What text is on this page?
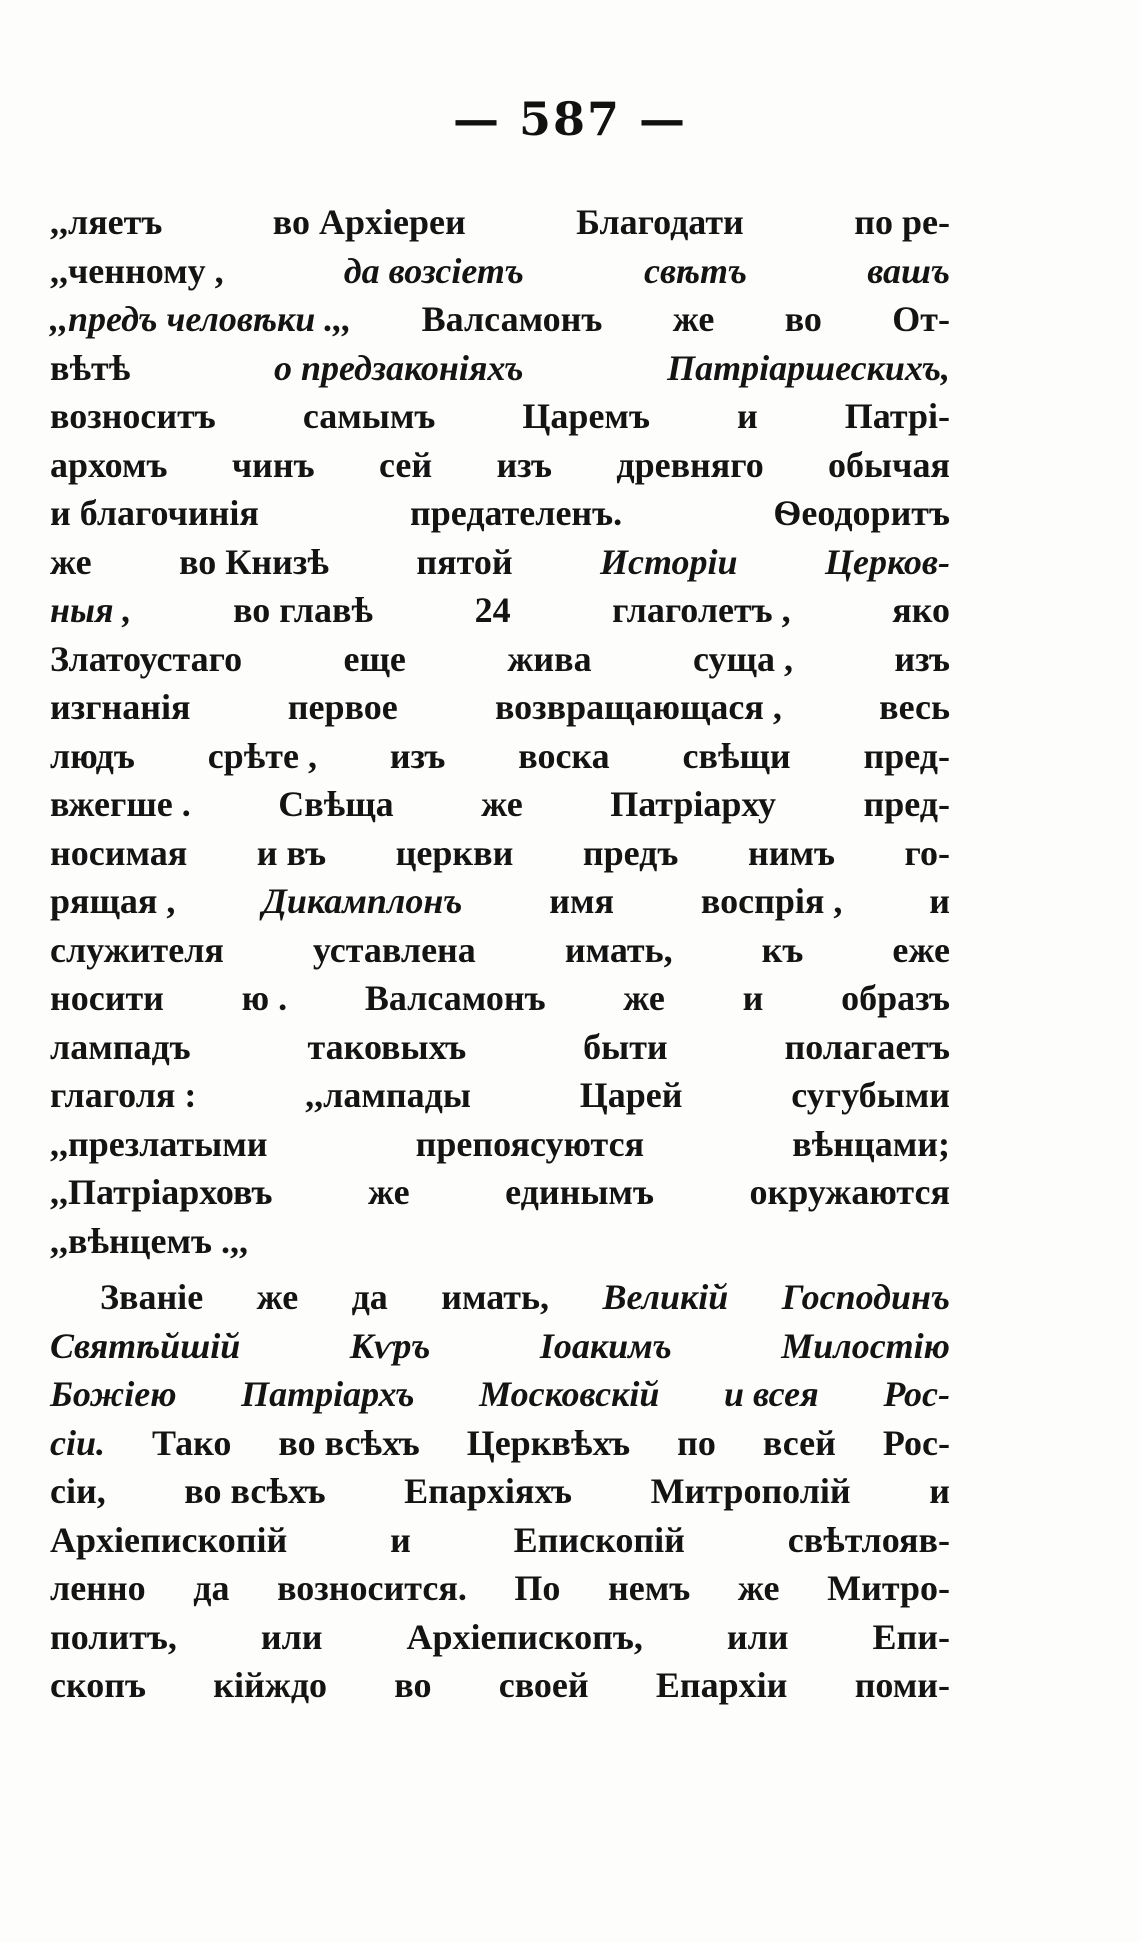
— 587 —
,,ляетъ	во Архіереи	Благодати	по ре-
,,ченному ,	да возсіетъ	свѣтъ	вашъ
,,предъ человѣки .,, Валсамонъ же во От-
вѣтѣ	о предзаконіяхъ	Патріаршескихъ,
возноситъ самымъ Царемъ и Патрі-
архомъ чинъ сей изъ древняго обычая
и благочинія	предателенъ.	Ѳеодоритъ
же во Книзѣ пятой Исторіи Церков-
ныя ,	во главѣ	24	глаголетъ ,	яко
Златоустаго	еще	жива	суща ,	изъ
изгнанія	первое	возвращающася ,	весь
людъ срѣте , изъ воска свѣщи пред-
вжегше . Свѣща же Патріарху пред-
носимая и въ церкви предъ нимъ го-
рящая , Дикамплонъ имя воспрія , и
служителя уставлена имать, къ еже
носити ю . Валсамонъ же и образъ
лампадъ	таковыхъ	быти	полагаетъ
глаголя :	,,лампады	Царей	сугубыми
,,презлатыми	препоясуются	вѣнцами;
,,Патріарховъ	же	единымъ	окружаются
,,вѣнцемъ .,,
Званіе же да имать, Великій Господинъ
Святѣйшій	Кѵръ	Іоакимъ	Милостію
Божіею Патріархъ Московскій и всея Рос-
сіи. Тако во всѣхъ Церквѣхъ по всей Рос-
сіи, во всѣхъ Епархіяхъ Митрополій и
Архіепископій	и	Епископій	свѣтлояв-
ленно да возносится. По немъ же Митро-
политъ, или Архіепископъ, или Епи-
скопъ кійждо во своей Епархіи поми-
